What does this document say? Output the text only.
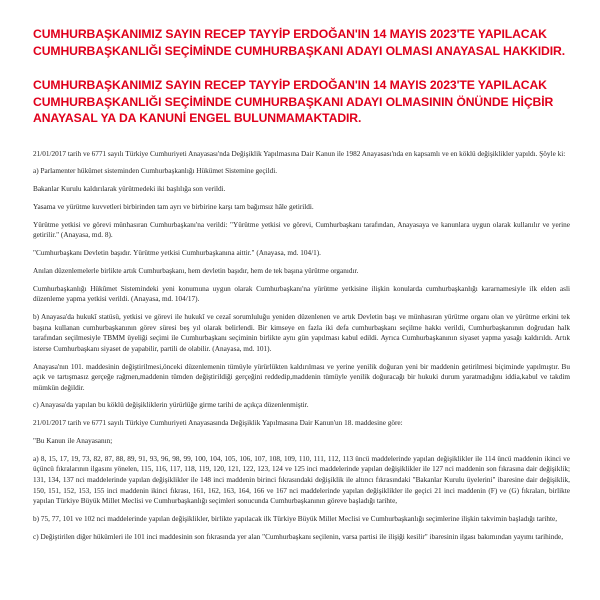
CUMHURBAŞKANIMIZ SAYIN RECEP TAYYİP ERDOĞAN'IN 14 MAYIS 2023'TE YAPILACAK CUMHURBAŞKANLIĞI SEÇİMİNDE CUMHURBAŞKANI ADAYI OLMASI ANAYASAL HAKKIDIR.
CUMHURBAŞKANIMIZ SAYIN RECEP TAYYİP ERDOĞAN'IN 14 MAYIS 2023'TE YAPILACAK CUMHURBAŞKANLIĞI SEÇİMİNDE CUMHURBAŞKANI ADAYI OLMASININ ÖNÜNDE HİÇBİR ANAYASAL YA DA KANUNİ ENGEL BULUNMAMAKTADIR.

21/01/2017 tarih ve 6771 sayılı Türkiye Cumhuriyeti Anayasası'nda Değişiklik Yapılmasına Dair Kanun ile 1982 Anayasası'nda en kapsamlı ve en köklü değişiklikler yapıldı. Şöyle ki:

a) Parlamenter hükümet sisteminden Cumhurbaşkanlığı Hükümet Sistemine geçildi.

Bakanlar Kurulu kaldırılarak yürütmedeki iki başlılığa son verildi.

Yasama ve yürütme kuvvetleri birbirinden tam ayrı ve birbirine karşı tam bağımsız hâle getirildi.

Yürütme yetkisi ve görevi münhasıran Cumhurbaşkanı'na verildi: "Yürütme yetkisi ve görevi, Cumhurbaşkanı tarafından, Anayasaya ve kanunlara uygun olarak kullanılır ve yerine getirilir." (Anayasa, md. 8).

"Cumhurbaşkanı Devletin başıdır. Yürütme yetkisi Cumhurbaşkanına aittir." (Anayasa, md. 104/1).

Anılan düzenlemelerle birlikte artık Cumhurbaşkanı, hem devletin başıdır, hem de tek başına yürütme organıdır.

Cumhurbaşkanlığı Hükûmet Sistemindeki yeni konumuna uygun olarak Cumhurbaşkanı'na yürütme yetkisine ilişkin konularda cumhurbaşkanlığı kararnamesiyle ilk elden asli düzenleme yapma yetkisi verildi. (Anayasa, md. 104/17).

b) Anayasa'da hukukî statüsü, yetkisi ve görevi ile hukukî ve cezaî sorumluluğu yeniden düzenlenen ve artık Devletin başı ve münhasıran yürütme organı olan ve yürütme erkini tek başına kullanan cumhurbaşkanının görev süresi beş yıl olarak belirlendi. Bir kimseye en fazla iki defa cumhurbaşkanı seçilme hakkı verildi, Cumhurbaşkanının doğrudan halk tarafından seçilmesiyle TBMM üyeliği seçimi ile Cumhurbaşkanı seçiminin birlikte aynı gün yapılması kabul edildi. Ayrıca Cumhurbaşkanının siyaset yapma yasağı kaldırıldı. Artık isterse Cumhurbaşkanı siyaset de yapabilir, partili de olabilir. (Anayasa, md. 101).

Anayasa'nın 101. maddesinin değiştirilmesi,önceki düzenlemenin tümüyle yürürlükten kaldırılması ve yerine yenilik doğuran yeni bir maddenin getirilmesi biçiminde yapılmıştır. Bu açık ve tartışmasız gerçeğe rağmen,maddenin tümden değiştirildiği gerçeğini reddedip,maddenin tümüyle yenilik doğuracağı bir hukuki durum yaratmadığını iddia,kabul ve takdim mümkün değildir.

c) Anayasa'da yapılan bu köklü değişikliklerin yürürlüğe girme tarihi de açıkça düzenlenmiştir.

21/01/2017 tarih ve 6771 sayılı Türkiye Cumhuriyeti Anayasasında Değişiklik Yapılmasına Dair Kanun'un 18. maddesine göre:

"Bu Kanun ile Anayasanın;

a) 8, 15, 17, 19, 73, 82, 87, 88, 89, 91, 93, 96, 98, 99, 100, 104, 105, 106, 107, 108, 109, 110, 111, 112, 113 üncü maddelerinde yapılan değişiklikler ile 114 üncü maddenin ikinci ve üçüncü fıkralarının ilgasını yönelen, 115, 116, 117, 118, 119, 120, 121, 122, 123, 124 ve 125 inci maddelerinde yapılan değişiklikler ile 127 nci maddenin son fıkrasına dair değişiklik; 131, 134, 137 nci maddelerinde yapılan değişiklikler ile 148 inci maddenin birinci fıkrasındaki değişiklik ile altıncı fıkrasındaki "Bakanlar Kurulu üyelerini" ibaresine dair değişiklik, 150, 151, 152, 153, 155 inci maddenin ikinci fıkrası, 161, 162, 163, 164, 166 ve 167 nci maddelerinde yapılan değişiklikler ile geçici 21 inci maddenin (F) ve (G) fıkraları, birlikte yapılan Türkiye Büyük Millet Meclisi ve Cumhurbaşkanlığı seçimleri sonucunda Cumhurbaşkanının göreve başladığı tarihte,

b) 75, 77, 101 ve 102 nci maddelerinde yapılan değişiklikler, birlikte yapılacak ilk Türkiye Büyük Millet Meclisi ve Cumhurbaşkanlığı seçimlerine ilişkin takvimin başladığı tarihte,

c) Değiştirilen diğer hükümleri ile 101 inci maddesinin son fıkrasında yer alan "Cumhurbaşkanı seçilenin, varsa partisi ile ilişiği kesilir" ibaresinin ilgası bakımından yayımı tarihinde,
